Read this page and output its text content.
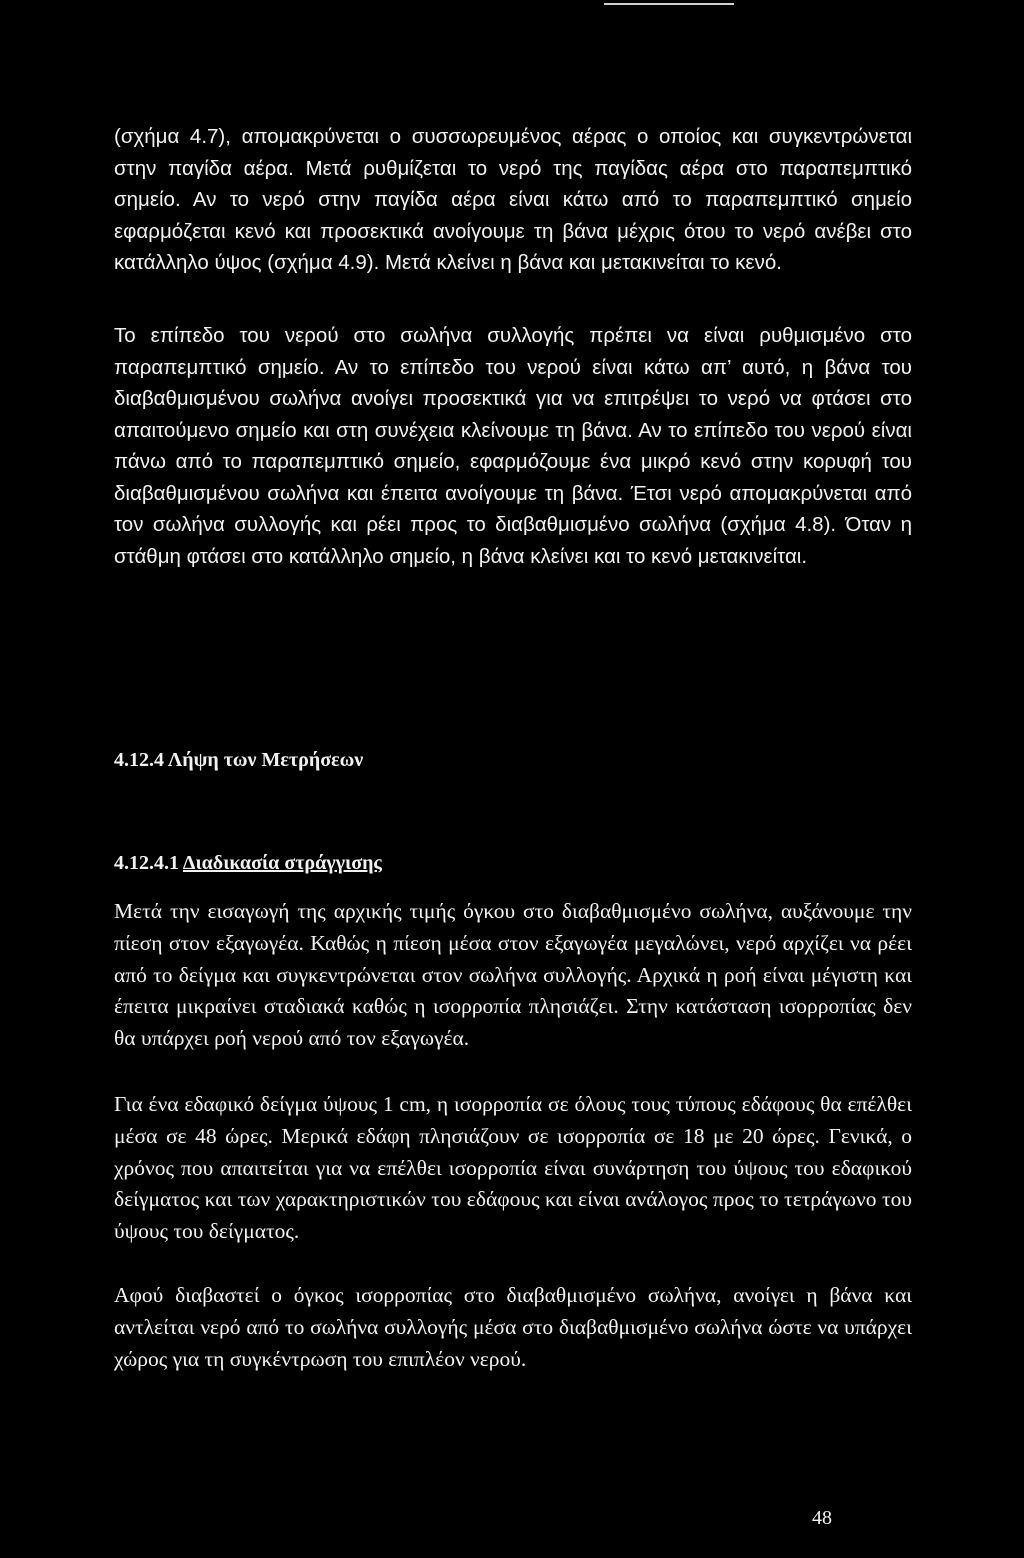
(σχήμα 4.7), απομακρύνεται ο συσσωρευμένος αέρας ο οποίος και συγκεντρώνεται στην παγίδα αέρα. Μετά ρυθμίζεται το νερό της παγίδας αέρα στο παραπεμπτικό σημείο. Αν το νερό στην παγίδα αέρα είναι κάτω από το παραπεμπτικό σημείο εφαρμόζεται κενό και προσεκτικά ανοίγουμε τη βάνα μέχρις ότου το νερό ανέβει στο κατάλληλο ύψος (σχήμα 4.9). Μετά κλείνει η βάνα και μετακινείται το κενό.

Το επίπεδο του νερού στο σωλήνα συλλογής πρέπει να είναι ρυθμισμένο στο παραπεμπτικό σημείο. Αν το επίπεδο του νερού είναι κάτω απ’ αυτό, η βάνα του διαβαθμισμένου σωλήνα ανοίγει προσεκτικά για να επιτρέψει το νερό να φτάσει στο απαιτούμενο σημείο και στη συνέχεια κλείνουμε τη βάνα. Αν το επίπεδο του νερού είναι πάνω από το παραπεμπτικό σημείο, εφαρμόζουμε ένα μικρό κενό στην κορυφή του διαβαθμισμένου σωλήνα και έπειτα ανοίγουμε τη βάνα. Έτσι νερό απομακρύνεται από τον σωλήνα συλλογής και ρέει προς το διαβαθμισμένο σωλήνα (σχήμα 4.8). Όταν η στάθμη φτάσει στο κατάλληλο σημείο, η βάνα κλείνει και το κενό μετακινείται.

4.12.4 Λήψη των Μετρήσεων
4.12.4.1 Διαδικασία στράγγισης

Μετά την εισαγωγή της αρχικής τιμής όγκου στο διαβαθμισμένο σωλήνα, αυξάνουμε την πίεση στον εξαγωγέα. Καθώς η πίεση μέσα στον εξαγωγέα μεγαλώνει, νερό αρχίζει να ρέει από το δείγμα και συγκεντρώνεται στον σωλήνα συλλογής. Αρχικά η ροή είναι μέγιστη και έπειτα μικραίνει σταδιακά καθώς η ισορροπία πλησιάζει. Στην κατάσταση ισορροπίας δεν θα υπάρχει ροή νερού από τον εξαγωγέα.

Για ένα εδαφικό δείγμα ύψους 1 cm, η ισορροπία σε όλους τους τύπους εδάφους θα επέλθει μέσα σε 48 ώρες. Μερικά εδάφη πλησιάζουν σε ισορροπία σε 18 με 20 ώρες. Γενικά, ο χρόνος που απαιτείται για να επέλθει ισορροπία είναι συνάρτηση του ύψους του εδαφικού δείγματος και των χαρακτηριστικών του εδάφους και είναι ανάλογος προς το τετράγωνο του ύψους του δείγματος.

Αφού διαβαστεί ο όγκος ισορροπίας στο διαβαθμισμένο σωλήνα, ανοίγει η βάνα και αντλείται νερό από το σωλήνα συλλογής μέσα στο διαβαθμισμένο σωλήνα ώστε να υπάρχει χώρος για τη συγκέντρωση του επιπλέον νερού.

48
